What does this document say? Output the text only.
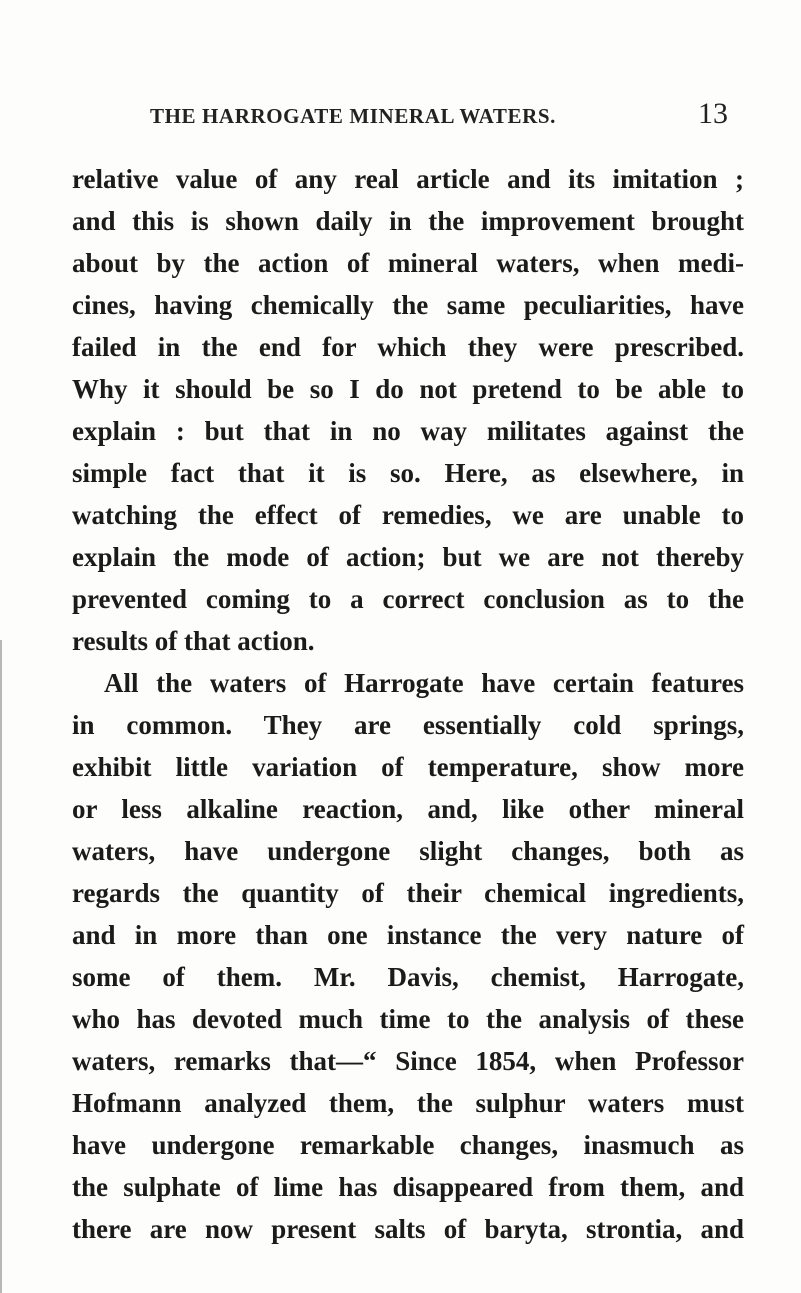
THE HARROGATE MINERAL WATERS.	13
relative value of any real article and its imitation ;
and this is shown daily in the improvement brought
about by the action of mineral waters, when medi-
cines, having chemically the same peculiarities, have
failed in the end for which they were prescribed.
Why it should be so I do not pretend to be able to
explain : but that in no way militates against the
simple fact that it is so. Here, as elsewhere, in
watching the effect of remedies, we are unable to
explain the mode of action; but we are not thereby
prevented coming to a correct conclusion as to the
results of that action.
All the waters of Harrogate have certain features
in common. They are essentially cold springs,
exhibit little variation of temperature, show more
or less alkaline reaction, and, like other mineral
waters, have undergone slight changes, both as
regards the quantity of their chemical ingredients,
and in more than one instance the very nature of
some of them. Mr. Davis, chemist, Harrogate,
who has devoted much time to the analysis of these
waters, remarks that—“ Since 1854, when Professor
Hofmann analyzed them, the sulphur waters must
have undergone remarkable changes, inasmuch as
the sulphate of lime has disappeared from them, and
there are now present salts of baryta, strontia, and
